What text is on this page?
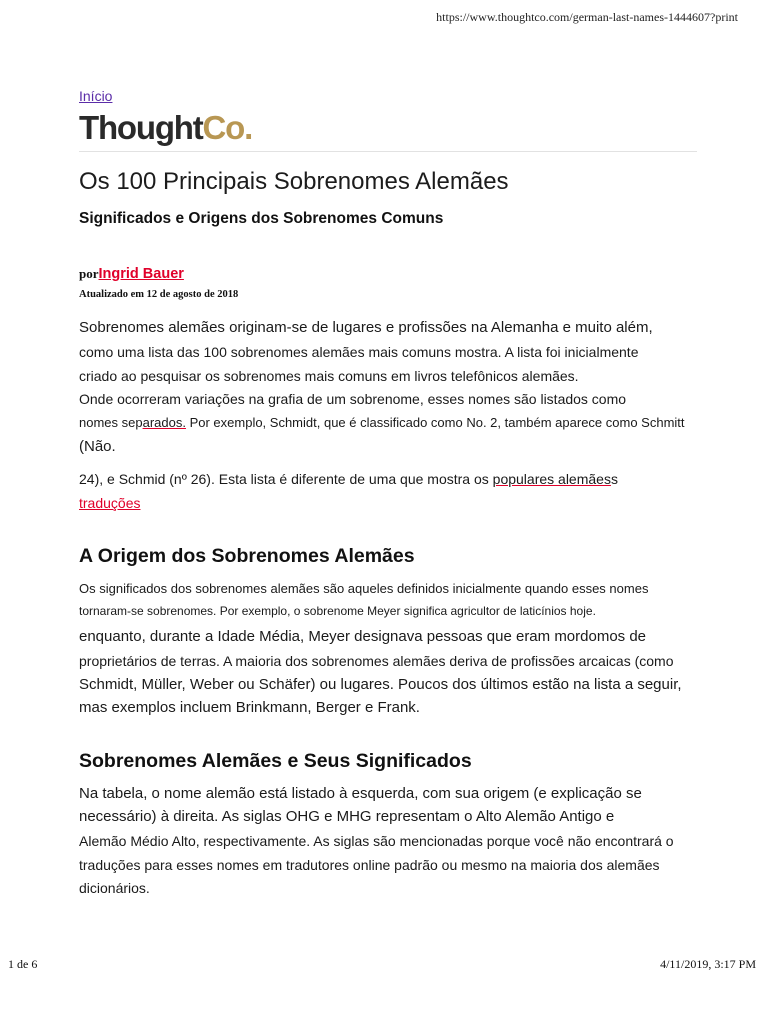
https://www.thoughtco.com/german-last-names-1444607?print
Início
ThoughtCo.
Os 100 Principais Sobrenomes Alemães
Significados e Origens dos Sobrenomes Comuns
porIngrid Bauer
Atualizado em 12 de agosto de 2018
Sobrenomes alemães originam-se de lugares e profissões na Alemanha e muito além,
como uma lista das 100 sobrenomes alemães mais comuns mostra. A lista foi inicialmente
criado ao pesquisar os sobrenomes mais comuns em livros telefônicos alemães.
Onde ocorreram variações na grafia de um sobrenome, esses nomes são listados como
nomes separados. Por exemplo, Schmidt, que é classificado como No. 2, também aparece como Schmitt
(Não.
24), e Schmid (nº 26). Esta lista é diferente de uma que mostra os populares alemãess
traduções
A Origem dos Sobrenomes Alemães
Os significados dos sobrenomes alemães são aqueles definidos inicialmente quando esses nomes
tornaram-se sobrenomes. Por exemplo, o sobrenome Meyer significa agricultor de laticínios hoje.
enquanto, durante a Idade Média, Meyer designava pessoas que eram mordomos de
proprietários de terras. A maioria dos sobrenomes alemães deriva de profissões arcaicas (como
Schmidt, Müller, Weber ou Schäfer) ou lugares. Poucos dos últimos estão na lista a seguir,
mas exemplos incluem Brinkmann, Berger e Frank.
Sobrenomes Alemães e Seus Significados
Na tabela, o nome alemão está listado à esquerda, com sua origem (e explicação se
necessário) à direita. As siglas OHG e MHG representam o Alto Alemão Antigo e
Alemão Médio Alto, respectivamente. As siglas são mencionadas porque você não encontrará o
traduções para esses nomes em tradutores online padrão ou mesmo na maioria dos alemães
dicionários.
1 de 6	4/11/2019, 3:17 PM
